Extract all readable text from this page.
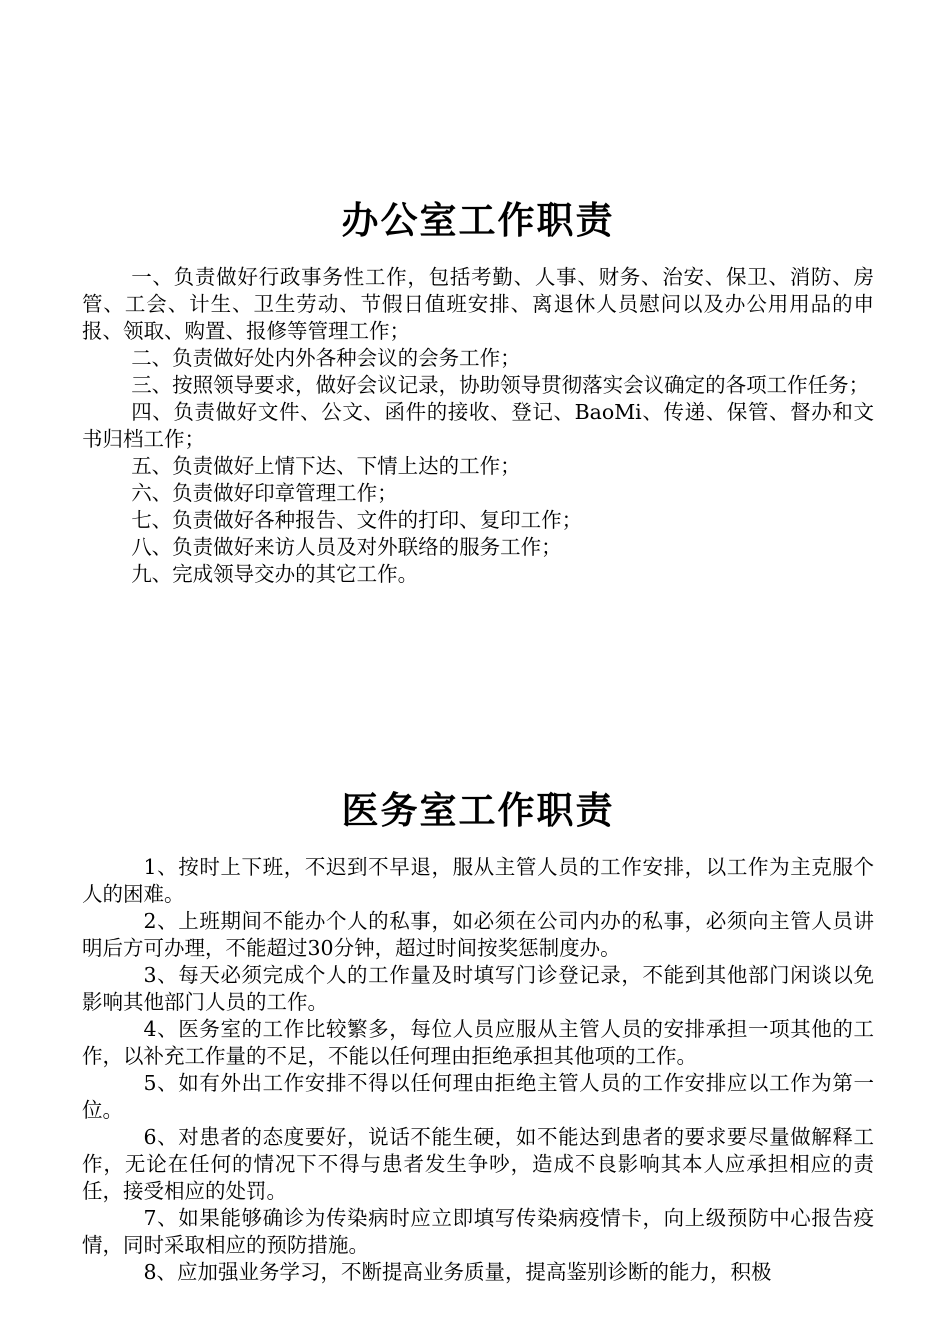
办公室工作职责

一、负责做好行政事务性工作，包括考勤、人事、财务、治安、保卫、消防、房管、工会、计生、卫生劳动、节假日值班安排、离退休人员慰问以及办公用用品的申报、领取、购置、报修等管理工作；

二、负责做好处内外各种会议的会务工作；

三、按照领导要求，做好会议记录，协助领导贯彻落实会议确定的各项工作任务；

四、负责做好文件、公文、函件的接收、登记、BaoMi、传递、保管、督办和文书归档工作；

五、负责做好上情下达、下情上达的工作；

六、负责做好印章管理工作；

七、负责做好各种报告、文件的打印、复印工作；

八、负责做好来访人员及对外联络的服务工作；

九、完成领导交办的其它工作。

医务室工作职责

1、按时上下班，不迟到不早退，服从主管人员的工作安排，以工作为主克服个人的困难。

2、上班期间不能办个人的私事，如必须在公司内办的私事，必须向主管人员讲明后方可办理，不能超过30分钟，超过时间按奖惩制度办。

3、每天必须完成个人的工作量及时填写门诊登记录，不能到其他部门闲谈以免影响其他部门人员的工作。

4、医务室的工作比较繁多，每位人员应服从主管人员的安排承担一项其他的工作，以补充工作量的不足，不能以任何理由拒绝承担其他项的工作。

5、如有外出工作安排不得以任何理由拒绝主管人员的工作安排应以工作为第一位。

6、对患者的态度要好，说话不能生硬，如不能达到患者的要求要尽量做解释工作，无论在任何的情况下不得与患者发生争吵，造成不良影响其本人应承担相应的责任，接受相应的处罚。

7、如果能够确诊为传染病时应立即填写传染病疫情卡，向上级预防中心报告疫情，同时采取相应的预防措施。

8、应加强业务学习，不断提高业务质量，提高鉴别诊断的能力，积极
